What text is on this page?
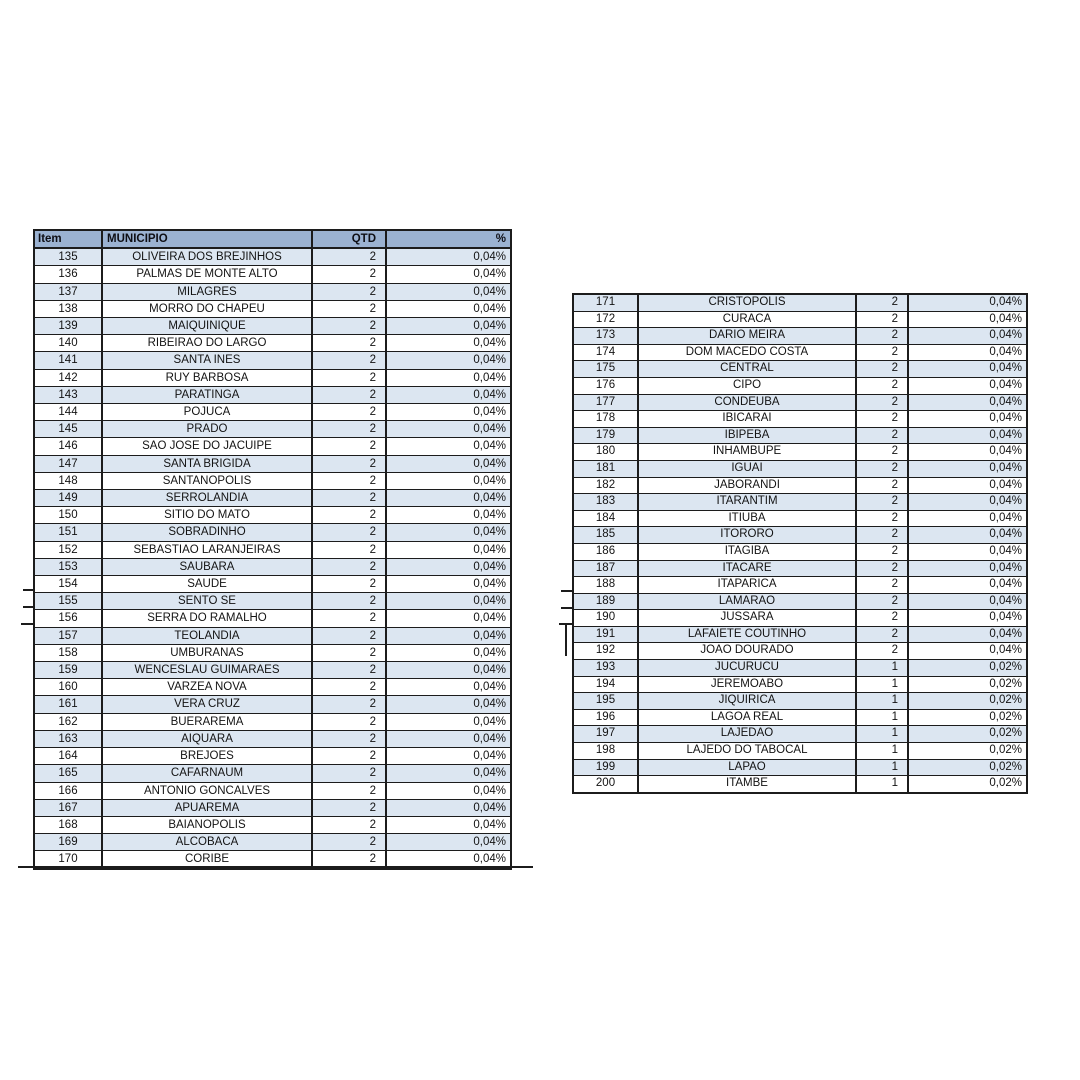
Item	MUNICIPIO	QTD	%
135	OLIVEIRA DOS BREJINHOS	2	0,04%
136	PALMAS DE MONTE ALTO	2	0,04%
137	MILAGRES	2	0,04%
138	MORRO DO CHAPEU	2	0,04%
139	MAIQUINIQUE	2	0,04%
140	RIBEIRAO DO LARGO	2	0,04%
141	SANTA INES	2	0,04%
142	RUY BARBOSA	2	0,04%
143	PARATINGA	2	0,04%
144	POJUCA	2	0,04%
145	PRADO	2	0,04%
146	SAO JOSE DO JACUIPE	2	0,04%
147	SANTA BRIGIDA	2	0,04%
148	SANTANOPOLIS	2	0,04%
149	SERROLANDIA	2	0,04%
150	SITIO DO MATO	2	0,04%
151	SOBRADINHO	2	0,04%
152	SEBASTIAO LARANJEIRAS	2	0,04%
153	SAUBARA	2	0,04%
154	SAUDE	2	0,04%
155	SENTO SE	2	0,04%
156	SERRA DO RAMALHO	2	0,04%
157	TEOLANDIA	2	0,04%
158	UMBURANAS	2	0,04%
159	WENCESLAU GUIMARAES	2	0,04%
160	VARZEA NOVA	2	0,04%
161	VERA CRUZ	2	0,04%
162	BUERAREMA	2	0,04%
163	AIQUARA	2	0,04%
164	BREJOES	2	0,04%
165	CAFARNAUM	2	0,04%
166	ANTONIO GONCALVES	2	0,04%
167	APUAREMA	2	0,04%
168	BAIANOPOLIS	2	0,04%
169	ALCOBACA	2	0,04%
170	CORIBE	2	0,04%
171	CRISTOPOLIS	2	0,04%
172	CURACA	2	0,04%
173	DARIO MEIRA	2	0,04%
174	DOM MACEDO COSTA	2	0,04%
175	CENTRAL	2	0,04%
176	CIPO	2	0,04%
177	CONDEUBA	2	0,04%
178	IBICARAI	2	0,04%
179	IBIPEBA	2	0,04%
180	INHAMBUPE	2	0,04%
181	IGUAI	2	0,04%
182	JABORANDI	2	0,04%
183	ITARANTIM	2	0,04%
184	ITIUBA	2	0,04%
185	ITORORO	2	0,04%
186	ITAGIBA	2	0,04%
187	ITACARE	2	0,04%
188	ITAPARICA	2	0,04%
189	LAMARAO	2	0,04%
190	JUSSARA	2	0,04%
191	LAFAIETE COUTINHO	2	0,04%
192	JOAO DOURADO	2	0,04%
193	JUCURUCU	1	0,02%
194	JEREMOABO	1	0,02%
195	JIQUIRICA	1	0,02%
196	LAGOA REAL	1	0,02%
197	LAJEDAO	1	0,02%
198	LAJEDO DO TABOCAL	1	0,02%
199	LAPAO	1	0,02%
200	ITAMBE	1	0,02%
